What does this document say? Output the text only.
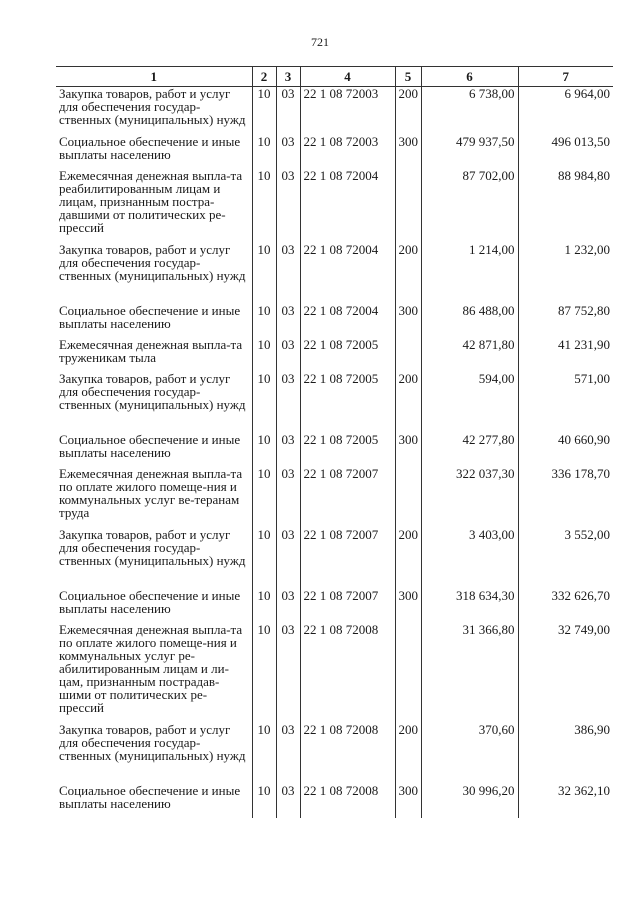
721
1	2	3	4	5	6	7
Закупка товаров, работ и услуг для обеспечения государ-ственных (муниципальных) нужд	10	03	22 1 08 72003	200	6 738,00	6 964,00
Социальное обеспечение и иные выплаты населению	10	03	22 1 08 72003	300	479 937,50	496 013,50
Ежемесячная денежная выпла-та реабилитированным лицам и лицам, признанным постра-давшими от политических ре-прессий	10	03	22 1 08 72004		87 702,00	88 984,80
Закупка товаров, работ и услуг для обеспечения государ-ственных (муниципальных) нужд	10	03	22 1 08 72004	200	1 214,00	1 232,00
Социальное обеспечение и иные выплаты населению	10	03	22 1 08 72004	300	86 488,00	87 752,80
Ежемесячная денежная выпла-та труженикам тыла	10	03	22 1 08 72005		42 871,80	41 231,90
Закупка товаров, работ и услуг для обеспечения государ-ственных (муниципальных) нужд	10	03	22 1 08 72005	200	594,00	571,00
Социальное обеспечение и иные выплаты населению	10	03	22 1 08 72005	300	42 277,80	40 660,90
Ежемесячная денежная выпла-та по оплате жилого помеще-ния и коммунальных услуг ве-теранам труда	10	03	22 1 08 72007		322 037,30	336 178,70
Закупка товаров, работ и услуг для обеспечения государ-ственных (муниципальных) нужд	10	03	22 1 08 72007	200	3 403,00	3 552,00
Социальное обеспечение и иные выплаты населению	10	03	22 1 08 72007	300	318 634,30	332 626,70
Ежемесячная денежная выпла-та по оплате жилого помеще-ния и коммунальных услуг ре-абилитированным лицам и ли-цам, признанным пострадав-шими от политических ре-прессий	10	03	22 1 08 72008		31 366,80	32 749,00
Закупка товаров, работ и услуг для обеспечения государ-ственных (муниципальных) нужд	10	03	22 1 08 72008	200	370,60	386,90
Социальное обеспечение и иные выплаты населению	10	03	22 1 08 72008	300	30 996,20	32 362,10
